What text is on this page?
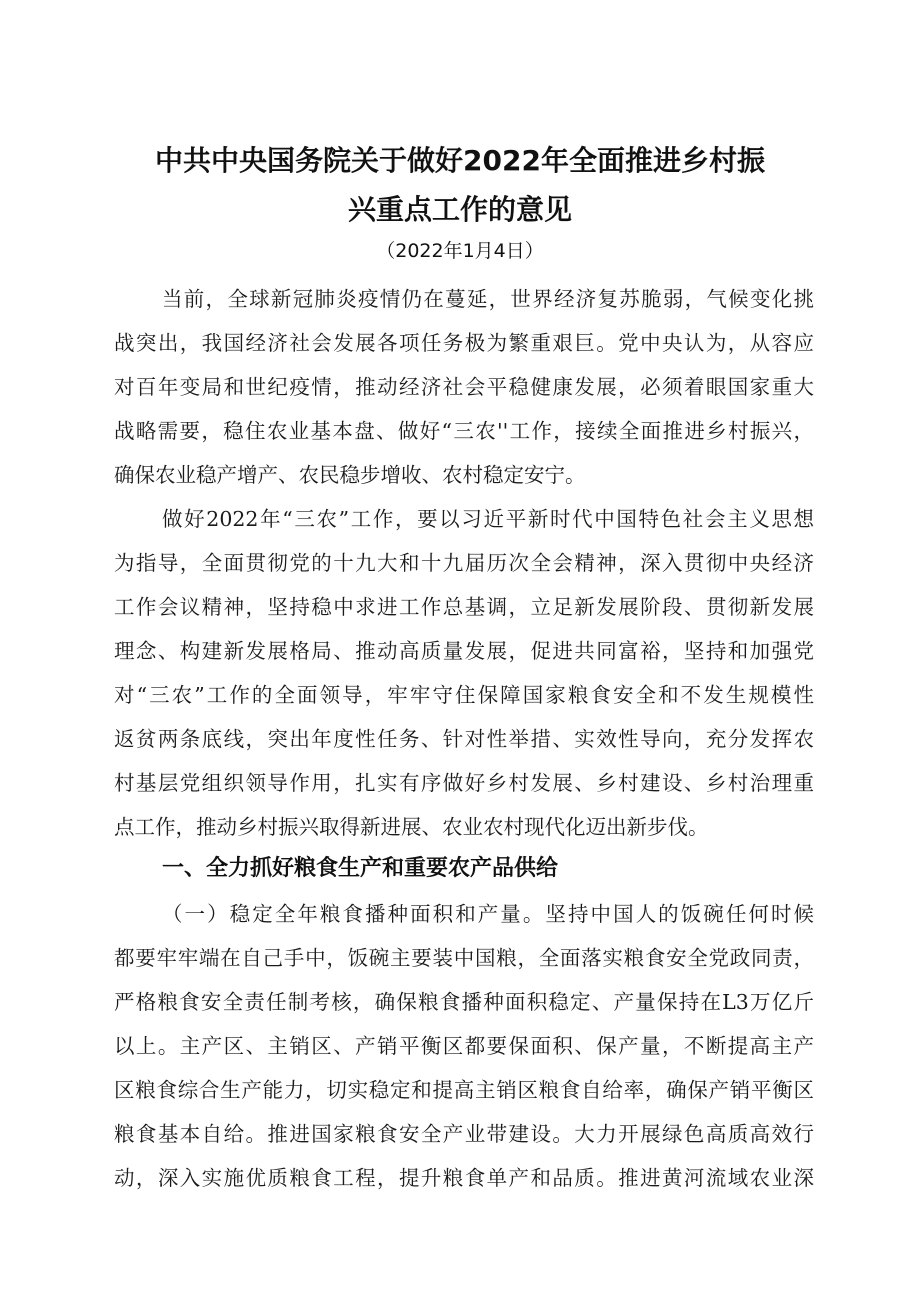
中共中央国务院关于做好2022年全面推进乡村振
兴重点工作的意见
（2022年1月4日）
当前，全球新冠肺炎疫情仍在蔓延，世界经济复苏脆弱，气候变化挑
战突出，我国经济社会发展各项任务极为繁重艰巨。党中央认为，从容应
对百年变局和世纪疫情，推动经济社会平稳健康发展，必须着眼国家重大
战略需要，稳住农业基本盘、做好“三农''工作，接续全面推进乡村振兴，
确保农业稳产增产、农民稳步增收、农村稳定安宁。
做好2022年“三农”工作，要以习近平新时代中国特色社会主义思想
为指导，全面贯彻党的十九大和十九届历次全会精神，深入贯彻中央经济
工作会议精神，坚持稳中求进工作总基调，立足新发展阶段、贯彻新发展
理念、构建新发展格局、推动高质量发展，促进共同富裕，坚持和加强党
对“三农”工作的全面领导，牢牢守住保障国家粮食安全和不发生规模性
返贫两条底线，突出年度性任务、针对性举措、实效性导向，充分发挥农
村基层党组织领导作用，扎实有序做好乡村发展、乡村建设、乡村治理重
点工作，推动乡村振兴取得新进展、农业农村现代化迈出新步伐。
一、全力抓好粮食生产和重要农产品供给
（一）稳定全年粮食播种面积和产量。坚持中国人的饭碗任何时候
都要牢牢端在自己手中，饭碗主要装中国粮，全面落实粮食安全党政同责，
严格粮食安全责任制考核，确保粮食播种面积稳定、产量保持在L3万亿斤
以上。主产区、主销区、产销平衡区都要保面积、保产量，不断提高主产
区粮食综合生产能力，切实稳定和提高主销区粮食自给率，确保产销平衡区
粮食基本自给。推进国家粮食安全产业带建设。大力开展绿色高质高效行
动，深入实施优质粮食工程，提升粮食单产和品质。推进黄河流域农业深
